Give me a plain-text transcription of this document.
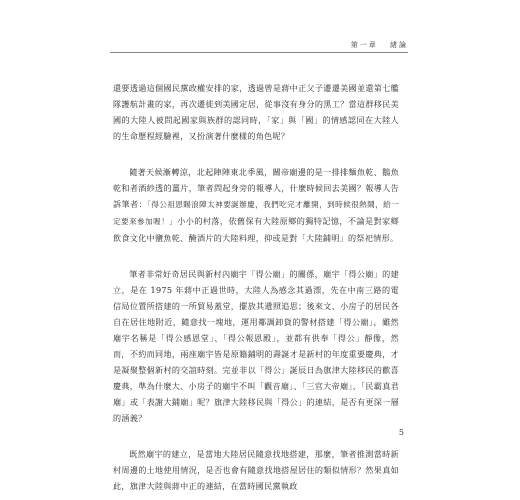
第一章 緒論

還要透過這個國民黨政權安排的家，透過曾是蔣中正父子遷遷美國並還第七艦隊護航計畫的家，再次遷徙到美國定居，從事沒有身分的黑工？當這群移民美國的大陸人被問起國家與族群的認同時，「家」與「國」的情感認同在大陸人的生命歷程經驗裡，又扮演著什麼樣的角色呢？

隨著天候漸轉涼，北起陣陣東北季風，關帝廟邊的是一排排麵魚乾、鵝魚乾和者酒紗透的薑片，筆者問起身旁的報導人，什麼時候回去美國？報導人告訴筆者：「得公祖恩賜浪陣太神要誕辦慶，我們吃完才離開，到時候很熱鬧，給一定要來參加喔！」小小的村落，依舊保有大陸原鄉的獨特記憶，不論是對家鄉飲食文化中鹽魚乾、醃酒片的大陸料理，抑或是對「大陸鋪明」的祭祀情形。

筆者非常好奇居民與新村內廟宇「得公廟」的關係，廟宇「得公廟」的建立，是在 1975 年蔣中正過世時，大陸人為感念其過漂，先在中南三路的電信局位置所搭建的一所貿易蓋堂，擺放其遺照追思；後來文、小房子的居民各自在居住地附近，隨意找一塊地，運用鄰調卸貨的警材搭建「得公廟」，雖然廟宇名稱是「得公感恩堂」、「得公報恩殿」，並都有供奉「得公」靜像，然而，不約而同地，兩座廟宇皆是原籍鋪明的壽誕才是新村的年度重要慶典，才是凝聚整個新村的交誼時刻。完並非以「得公」誕辰日為旗津大陸移民的歡喜慶典，準為什麼大、小房子的廟宇不叫「觀音廟」、「三官大帝廟」、「民霸真君廟」或「表謝大鋪廟」呢？旗津大陸移民與「得公」的連結，是否有更深一層的涵義？

既然廟宇的建立，是當地大陸居民隨意找地搭建，那麼，筆者推測當時新村周邊的土地使用情況，是否也會有隨意找地搭屋居住的類似情形？然果真如此，旗津大陸與蔣中正的連結，在當時國民黨執政

5
